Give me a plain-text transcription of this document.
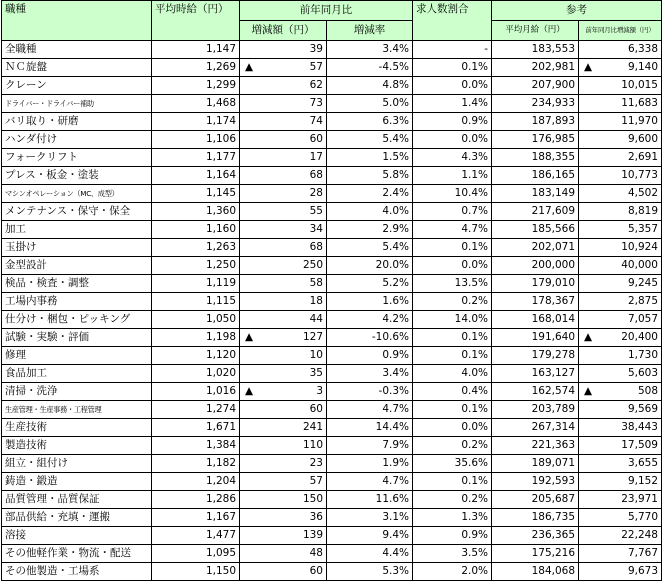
職種	平均時給（円）	前年同月比		求人数割合	参考	
		増減額（円）	増減率		平均月給（円）	前年同月比増減額（円）
全職種	1,147	39	3.4%	-	183,553	6,338
ＮＣ旋盤	1,269	▲ 57	-4.5%	0.1%	202,981	▲ 9,140
クレーン	1,299	62	4.8%	0.0%	207,900	10,015
ドライバー・ドライバー補助	1,468	73	5.0%	1.4%	234,933	11,683
バリ取り・研磨	1,174	74	6.3%	0.9%	187,893	11,970
ハンダ付け	1,106	60	5.4%	0.0%	176,985	9,600
フォークリフト	1,177	17	1.5%	4.3%	188,355	2,691
プレス・板金・塗装	1,164	68	5.8%	1.1%	186,165	10,773
マシンオペレーション（MC、成型）	1,145	28	2.4%	10.4%	183,149	4,502
メンテナンス・保守・保全	1,360	55	4.0%	0.7%	217,609	8,819
加工	1,160	34	2.9%	4.7%	185,566	5,357
玉掛け	1,263	68	5.4%	0.1%	202,071	10,924
金型設計	1,250	250	20.0%	0.0%	200,000	40,000
検品・検査・調整	1,119	58	5.2%	13.5%	179,010	9,245
工場内事務	1,115	18	1.6%	0.2%	178,367	2,875
仕分け・梱包・ピッキング	1,050	44	4.2%	14.0%	168,014	7,057
試験・実験・評価	1,198	▲ 127	-10.6%	0.1%	191,640	▲ 20,400
修理	1,120	10	0.9%	0.1%	179,278	1,730
食品加工	1,020	35	3.4%	4.0%	163,127	5,603
清掃・洗浄	1,016	▲ 3	-0.3%	0.4%	162,574	▲ 508
生産管理・生産事務・工程管理	1,274	60	4.7%	0.1%	203,789	9,569
生産技術	1,671	241	14.4%	0.0%	267,314	38,443
製造技術	1,384	110	7.9%	0.2%	221,363	17,509
組立・組付け	1,182	23	1.9%	35.6%	189,071	3,655
鋳造・鍛造	1,204	57	4.7%	0.1%	192,593	9,152
品質管理・品質保証	1,286	150	11.6%	0.2%	205,687	23,971
部品供給・充填・運搬	1,167	36	3.1%	1.3%	186,735	5,770
溶接	1,477	139	9.4%	0.9%	236,365	22,248
その他軽作業・物流・配送	1,095	48	4.4%	3.5%	175,216	7,767
その他製造・工場系	1,150	60	5.3%	2.0%	184,068	9,673
